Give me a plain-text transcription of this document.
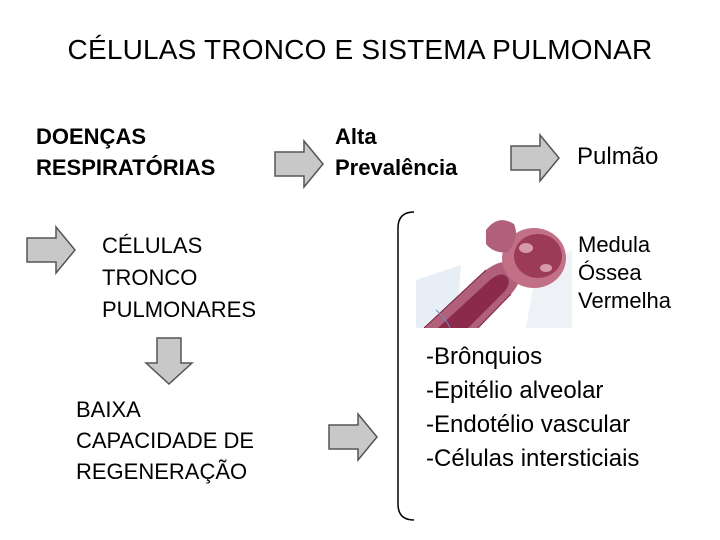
CÉLULAS TRONCO E SISTEMA PULMONAR
DOENÇAS
RESPIRATÓRIAS
Alta
Prevalência	Pulmão
CÉLULAS
TRONCO
PULMONARES
BAIXA
CAPACIDADE DE
REGENERAÇÃO
Medula
Óssea
Vermelha
-Brônquios
-Epitélio alveolar
-Endotélio vascular
-Células intersticiais
